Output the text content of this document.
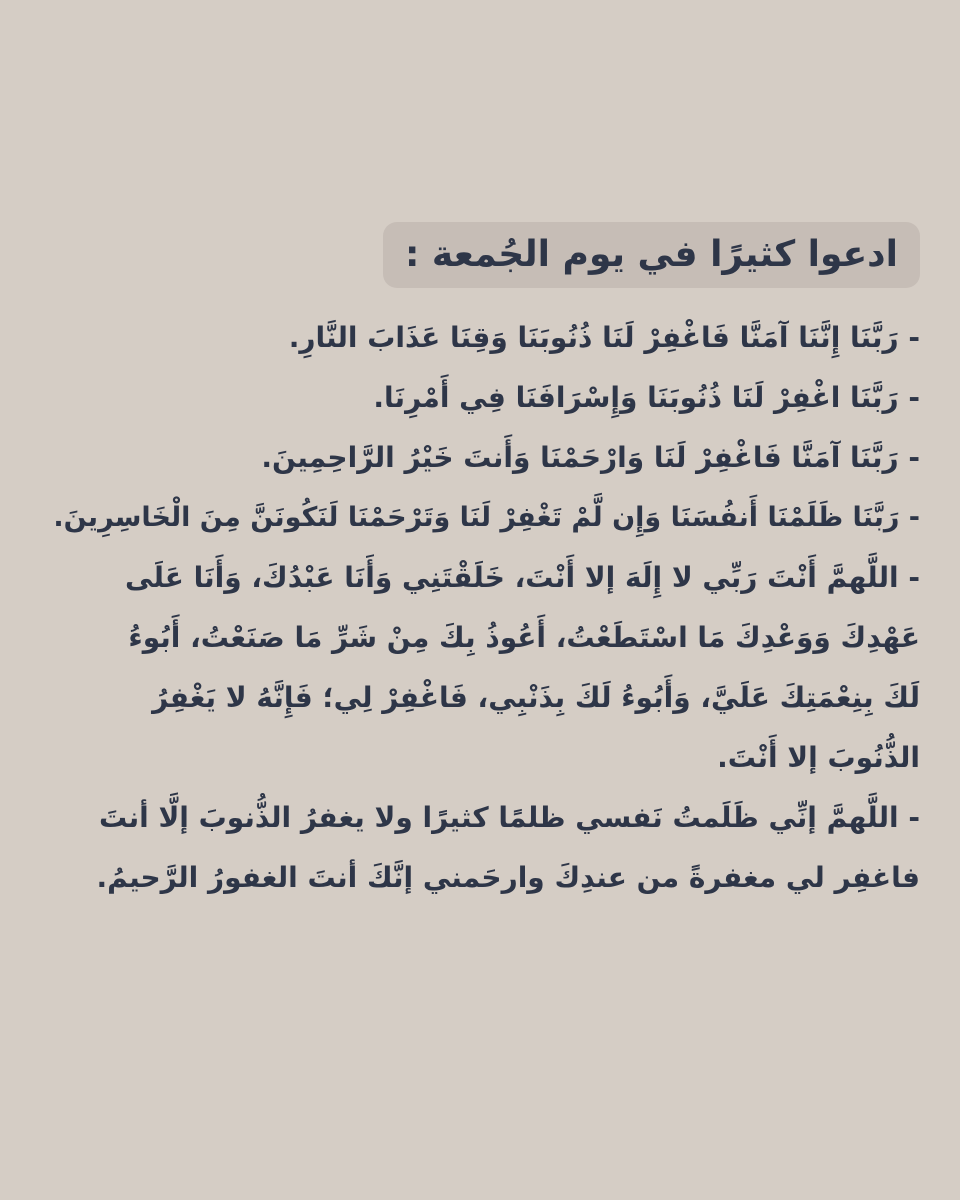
ادعوا كثيرًا في يوم الجُمعة :
- رَبَّنَا إِنَّنَا آمَنَّا فَاغْفِرْ لَنَا ذُنُوبَنَا وَقِنَا عَذَابَ النَّارِ.
- رَبَّنَا اغْفِرْ لَنَا ذُنُوبَنَا وَإِسْرَافَنَا فِي أَمْرِنَا.
- رَبَّنَا آمَنَّا فَاغْفِرْ لَنَا وَارْحَمْنَا وَأَنتَ خَيْرُ الرَّاحِمِينَ.
- رَبَّنَا ظَلَمْنَا أَنفُسَنَا وَإِن لَّمْ تَغْفِرْ لَنَا وَتَرْحَمْنَا لَنَكُونَنَّ مِنَ الْخَاسِرِينَ.
- اللَّهمَّ أَنْتَ رَبِّي لا إِلَهَ إلا أَنْتَ، خَلَقْتَنِي وَأَنَا عَبْدُكَ، وَأَنَا عَلَى
عَهْدِكَ وَوَعْدِكَ مَا اسْتَطَعْتُ، أَعُوذُ بِكَ مِنْ شَرِّ مَا صَنَعْتُ، أَبُوءُ
لَكَ بِنِعْمَتِكَ عَلَيَّ، وَأَبُوءُ لَكَ بِذَنْبِي، فَاغْفِرْ لِي؛ فَإِنَّهُ لا يَغْفِرُ
الذُّنُوبَ إلا أَنْتَ.
- اللَّهمَّ إنِّي ظَلَمتُ نَفسي ظلمًا كثيرًا ولا يغفرُ الذُّنوبَ إلَّا أنتَ
فاغفِر لي مغفرةً من عندِكَ وارحَمني إنَّكَ أنتَ الغفورُ الرَّحيمُ.
